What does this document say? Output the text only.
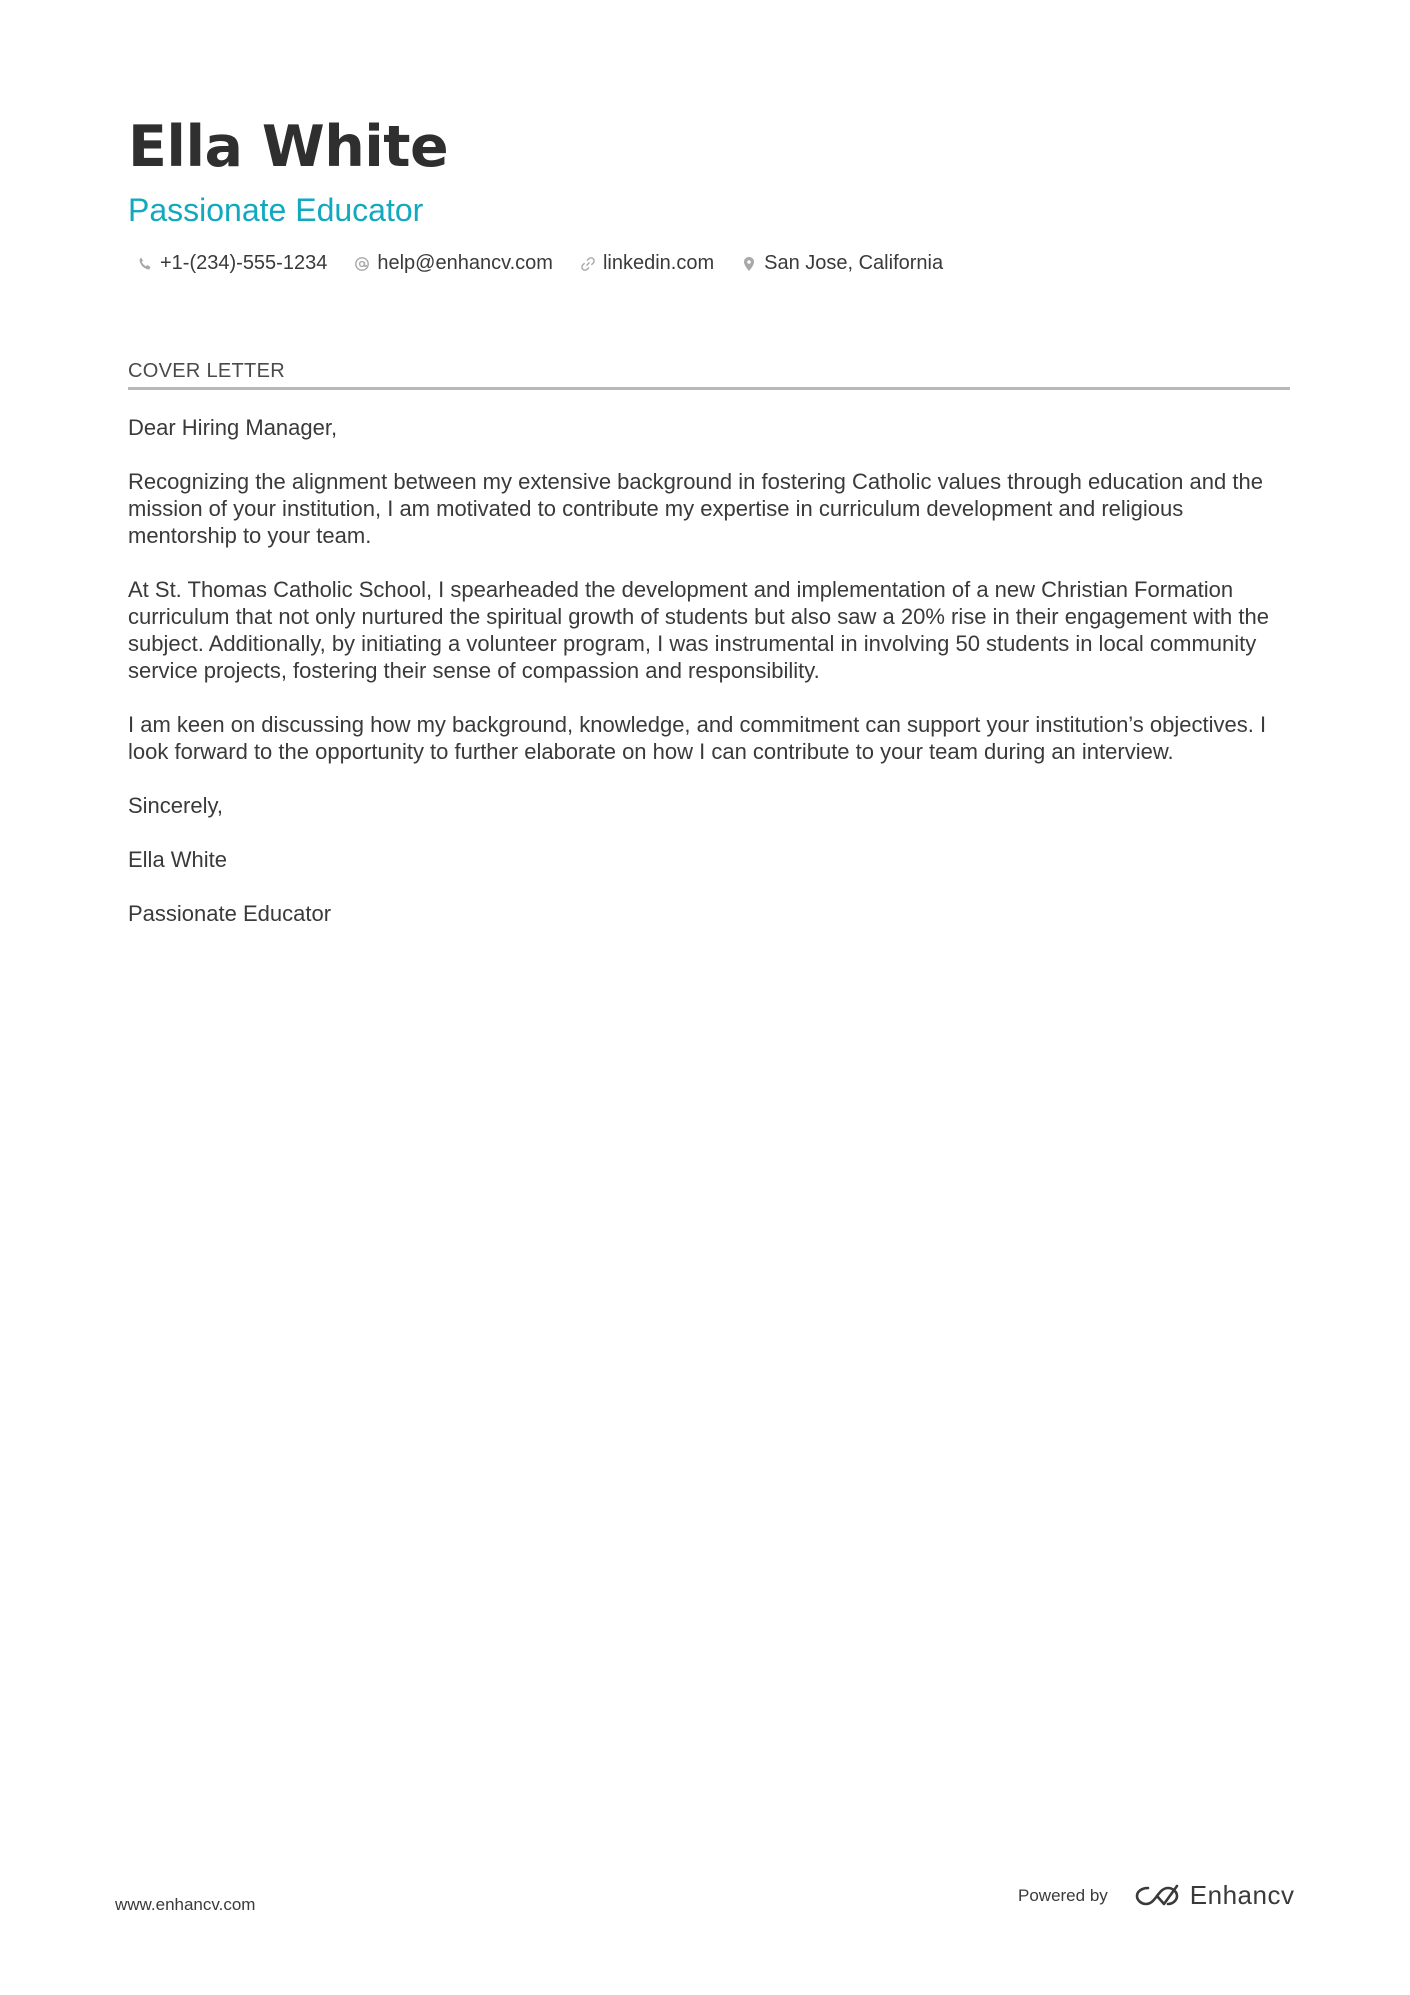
Ella White
Passionate Educator
+1-(234)-555-1234	help@enhancv.com	linkedin.com	San Jose, California
COVER LETTER

Dear Hiring Manager,

Recognizing the alignment between my extensive background in fostering Catholic values through education and the mission of your institution, I am motivated to contribute my expertise in curriculum development and religious mentorship to your team.

At St. Thomas Catholic School, I spearheaded the development and implementation of a new Christian Formation curriculum that not only nurtured the spiritual growth of students but also saw a 20% rise in their engagement with the subject. Additionally, by initiating a volunteer program, I was instrumental in involving 50 students in local community service projects, fostering their sense of compassion and responsibility.

I am keen on discussing how my background, knowledge, and commitment can support your institution’s objectives. I look forward to the opportunity to further elaborate on how I can contribute to your team during an interview.

Sincerely,

Ella White

Passionate Educator

www.enhancv.com	Powered by	Enhancv
